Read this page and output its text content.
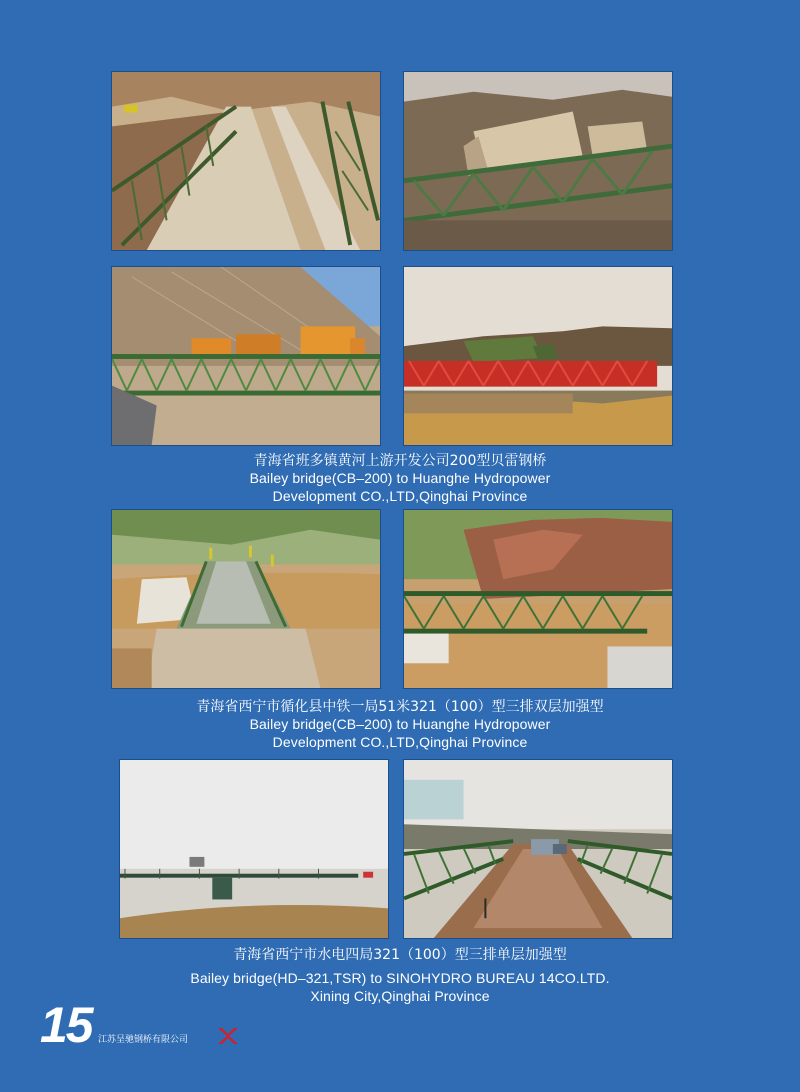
青海省班多镇黄河上游开发公司200型贝雷钢桥
Bailey bridge(CB–200) to Huanghe Hydropower
Development CO.,LTD,Qinghai Province

青海省西宁市循化县中铁一局51米321（100）型三排双层加强型
Bailey bridge(CB–200) to Huanghe Hydropower
Development CO.,LTD,Qinghai Province

青海省西宁市水电四局321（100）型三排单层加强型
Bailey bridge(HD–321,TSR) to SINOHYDRO BUREAU 14CO.LTD.
Xining City,Qinghai Province

15 江苏呈驰钢桥有限公司
